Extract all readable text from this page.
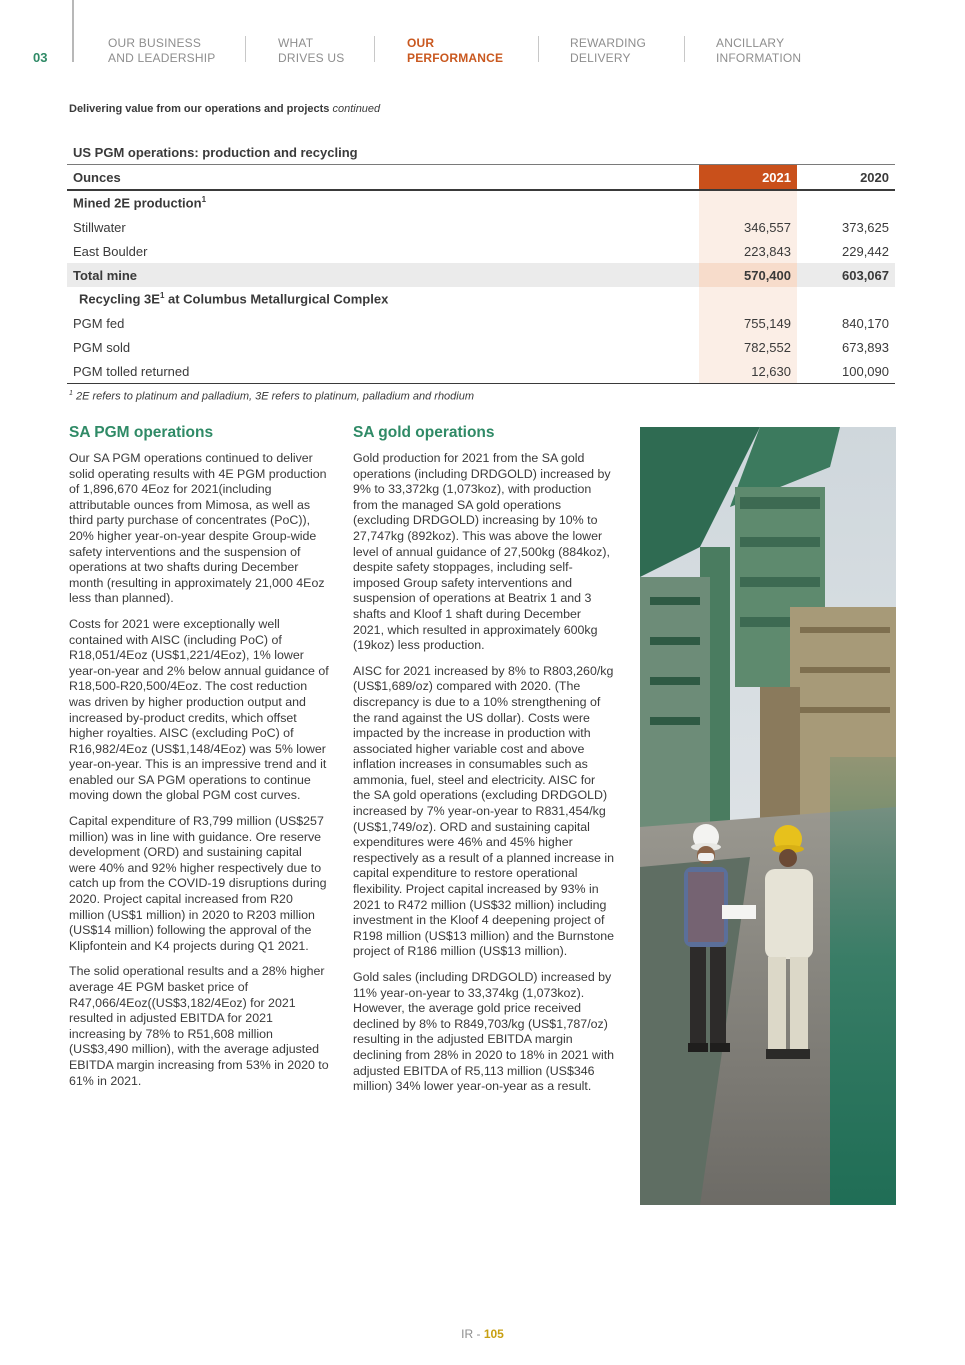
03
OUR BUSINESS
AND LEADERSHIP
WHAT
DRIVES US
OUR
PERFORMANCE
REWARDING
DELIVERY
ANCILLARY
INFORMATION
Delivering value from our operations and projects continued
US PGM operations: production and recycling		
Ounces	2021	2020
Mined 2E production$^1$		
Stillwater	346,557	373,625
East Boulder	223,843	229,442
Total mine	570,400	603,067
Recycling $3E^1$ at Columbus Metallurgical Complex		
PGM fed	755,149	840,170
PGM sold	782,552	673,893
PGM tolled returned	12,630	100,090
$^1$ 2E refers to platinum and palladium, 3E refers to platinum, palladium and rhodium
SA PGM operations

Our SA PGM operations continued to deliver solid operating results with 4E PGM production of 1,896,670 4Eoz for 2021(including attributable ounces from Mimosa, as well as third party purchase of concentrates (PoC)), 20% higher year-on-year despite Group-wide safety interventions and the suspension of operations at two shafts during December month (resulting in approximately 21,000 4Eoz less than planned).

Costs for 2021 were exceptionally well contained with AISC (including PoC) of R18,051/4Eoz (US$1,221/4Eoz), 1% lower year-on-year and 2% below annual guidance of R18,500-R20,500/4Eoz. The cost reduction was driven by higher production output and increased by-product credits, which offset higher royalties. AISC (excluding PoC) of R16,982/4Eoz (US$1,148/4Eoz) was 5% lower year-on-year. This is an impressive trend and it enabled our SA PGM operations to continue moving down the global PGM cost curves.

Capital expenditure of R3,799 million (US$257 million) was in line with guidance. Ore reserve development (ORD) and sustaining capital were 40% and 92% higher respectively due to catch up from the COVID-19 disruptions during 2020. Project capital increased from R20 million (US$1 million) in 2020 to R203 million (US$14 million) following the approval of the Klipfontein and K4 projects during Q1 2021.

The solid operational results and a 28% higher average 4E PGM basket price of R47,066/4Eoz((US$3,182/4Eoz) for 2021 resulted in adjusted EBITDA for 2021 increasing by 78% to R51,608 million (US$3,490 million), with the average adjusted EBITDA margin increasing from 53% in 2020 to 61% in 2021.

SA gold operations

Gold production for 2021 from the SA gold operations (including DRDGOLD) increased by 9% to 33,372kg (1,073koz), with production from the managed SA gold operations (excluding DRDGOLD) increasing by 10% to 27,747kg (892koz). This was above the lower level of annual guidance of 27,500kg (884koz), despite safety stoppages, including self-imposed Group safety interventions and suspension of operations at Beatrix 1 and 3 shafts and Kloof 1 shaft during December 2021, which resulted in approximately 600kg (19koz) less production.

AISC for 2021 increased by 8% to R803,260/kg (US$1,689/oz) compared with 2020. (The discrepancy is due to a 10% strengthening of the rand against the US dollar). Costs were impacted by the increase in production with associated higher variable cost and above inflation increases in consumables such as ammonia, fuel, steel and electricity. AISC for the SA gold operations (excluding DRDGOLD) increased by 7% year-on-year to R831,454/kg (US$1,749/oz). ORD and sustaining capital expenditures were 46% and 45% higher respectively as a result of a planned increase in capital expenditure to restore operational flexibility. Project capital increased by 93% in 2021 to R472 million (US$32 million) including investment in the Kloof 4 deepening project of R198 million (US$13 million) and the Burnstone project of R186 million (US$13 million).

Gold sales (including DRDGOLD) increased by 11% year-on-year to 33,374kg (1,073koz). However, the average gold price received declined by 8% to R849,703/kg (US$1,787/oz) resulting in the adjusted EBITDA margin declining from 28% in 2020 to 18% in 2021 with adjusted EBITDA of R5,113 million (US$346 million) 34% lower year-on-year as a result.

IR - 105
